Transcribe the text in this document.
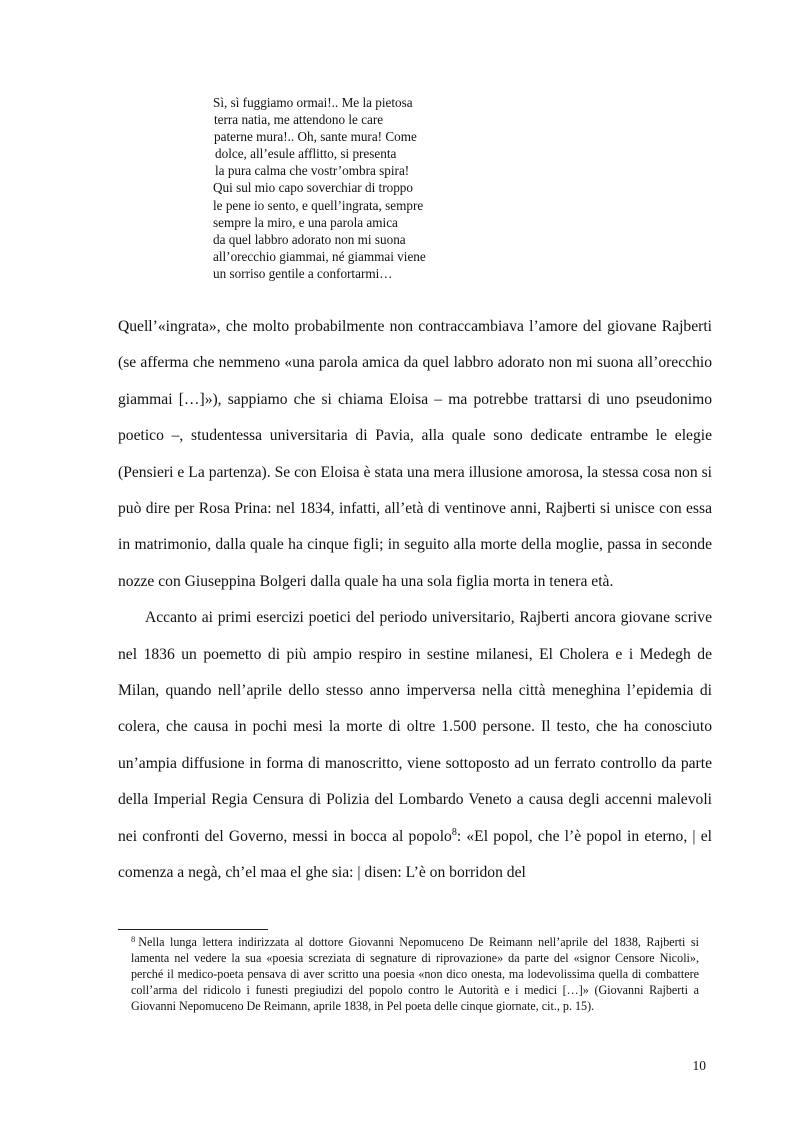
Sì, sì fuggiamo ormai!.. Me la pietosa
terra natia, me attendono le care
paterne mura!.. Oh, sante mura! Come
dolce, all’esule afflitto, si presenta
la pura calma che vostr’ombra spira!
Qui sul mio capo soverchiar di troppo
le pene io sento, e quell’ingrata, sempre
sempre la miro, e una parola amica
da quel labbro adorato non mi suona
all’orecchio giammai, né giammai viene
un sorriso gentile a confortarmi…

Quell’«ingrata», che molto probabilmente non contraccambiava l’amore del giovane Rajberti (se afferma che nemmeno «una parola amica da quel labbro adorato non mi suona all’orecchio giammai […]»), sappiamo che si chiama Eloisa – ma potrebbe trattarsi di uno pseudonimo poetico –, studentessa universitaria di Pavia, alla quale sono dedicate entrambe le elegie (Pensieri e La partenza). Se con Eloisa è stata una mera illusione amorosa, la stessa cosa non si può dire per Rosa Prina: nel 1834, infatti, all’età di ventinove anni, Rajberti si unisce con essa in matrimonio, dalla quale ha cinque figli; in seguito alla morte della moglie, passa in seconde nozze con Giuseppina Bolgeri dalla quale ha una sola figlia morta in tenera età.

Accanto ai primi esercizi poetici del periodo universitario, Rajberti ancora giovane scrive nel 1836 un poemetto di più ampio respiro in sestine milanesi, El Cholera e i Medegh de Milan, quando nell’aprile dello stesso anno imperversa nella città meneghina l’epidemia di colera, che causa in pochi mesi la morte di oltre 1.500 persone. Il testo, che ha conosciuto un’ampia diffusione in forma di manoscritto, viene sottoposto ad un ferrato controllo da parte della Imperial Regia Censura di Polizia del Lombardo Veneto a causa degli accenni malevoli nei confronti del Governo, messi in bocca al popolo$^8$: «El popol, che l’è popol in eterno, | el comenza a negà, ch’el maa el ghe sia: | disen: L’è on borridon del

$^8$ Nella lunga lettera indirizzata al dottore Giovanni Nepomuceno De Reimann nell’aprile del 1838, Rajberti si lamenta nel vedere la sua «poesia screziata di segnature di riprovazione» da parte del «signor Censore Nicoli», perché il medico-poeta pensava di aver scritto una poesia «non dico onesta, ma lodevolissima quella di combattere coll’arma del ridicolo i funesti pregiudizi del popolo contro le Autorità e i medici […]» (Giovanni Rajberti a Giovanni Nepomuceno De Reimann, aprile 1838, in Pel poeta delle cinque giornate, cit., p. 15).
10
